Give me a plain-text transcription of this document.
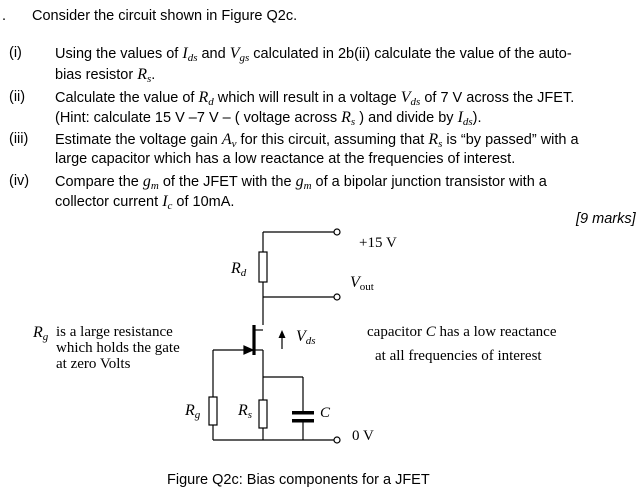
. Consider the circuit shown in Figure Q2c.
(i) Using the values of $I_{ds}$ and $V_{gs}$ calculated in 2b(ii) calculate the value of the auto-
bias resistor $R_s$.
(ii) Calculate the value of $R_d$ which will result in a voltage $V_{ds}$ of 7 V across the JFET.
(Hint: calculate 15 V –7 V – ( voltage across $R_s$ ) and divide by $I_{ds}$).
(iii) Estimate the voltage gain $A_v$ for this circuit, assuming that $R_s$ is “by passed” with a
large capacitor which has a low reactance at the frequencies of interest.
(iv) Compare the $g_m$ of the JFET with the $g_m$ of a bipolar junction transistor with a
collector current $I_c$ of 10mA.
[9 marks]
+15 V
0 V
C
$R_d$
$R_g$ $R_s$
$V_{out}$
$V_{ds}$
$R_g$ is a large resistance
which holds the gate
at zero Volts
capacitor C has a low reactance
at all frequencies of interest
Figure Q2c: Bias components for a JFET
